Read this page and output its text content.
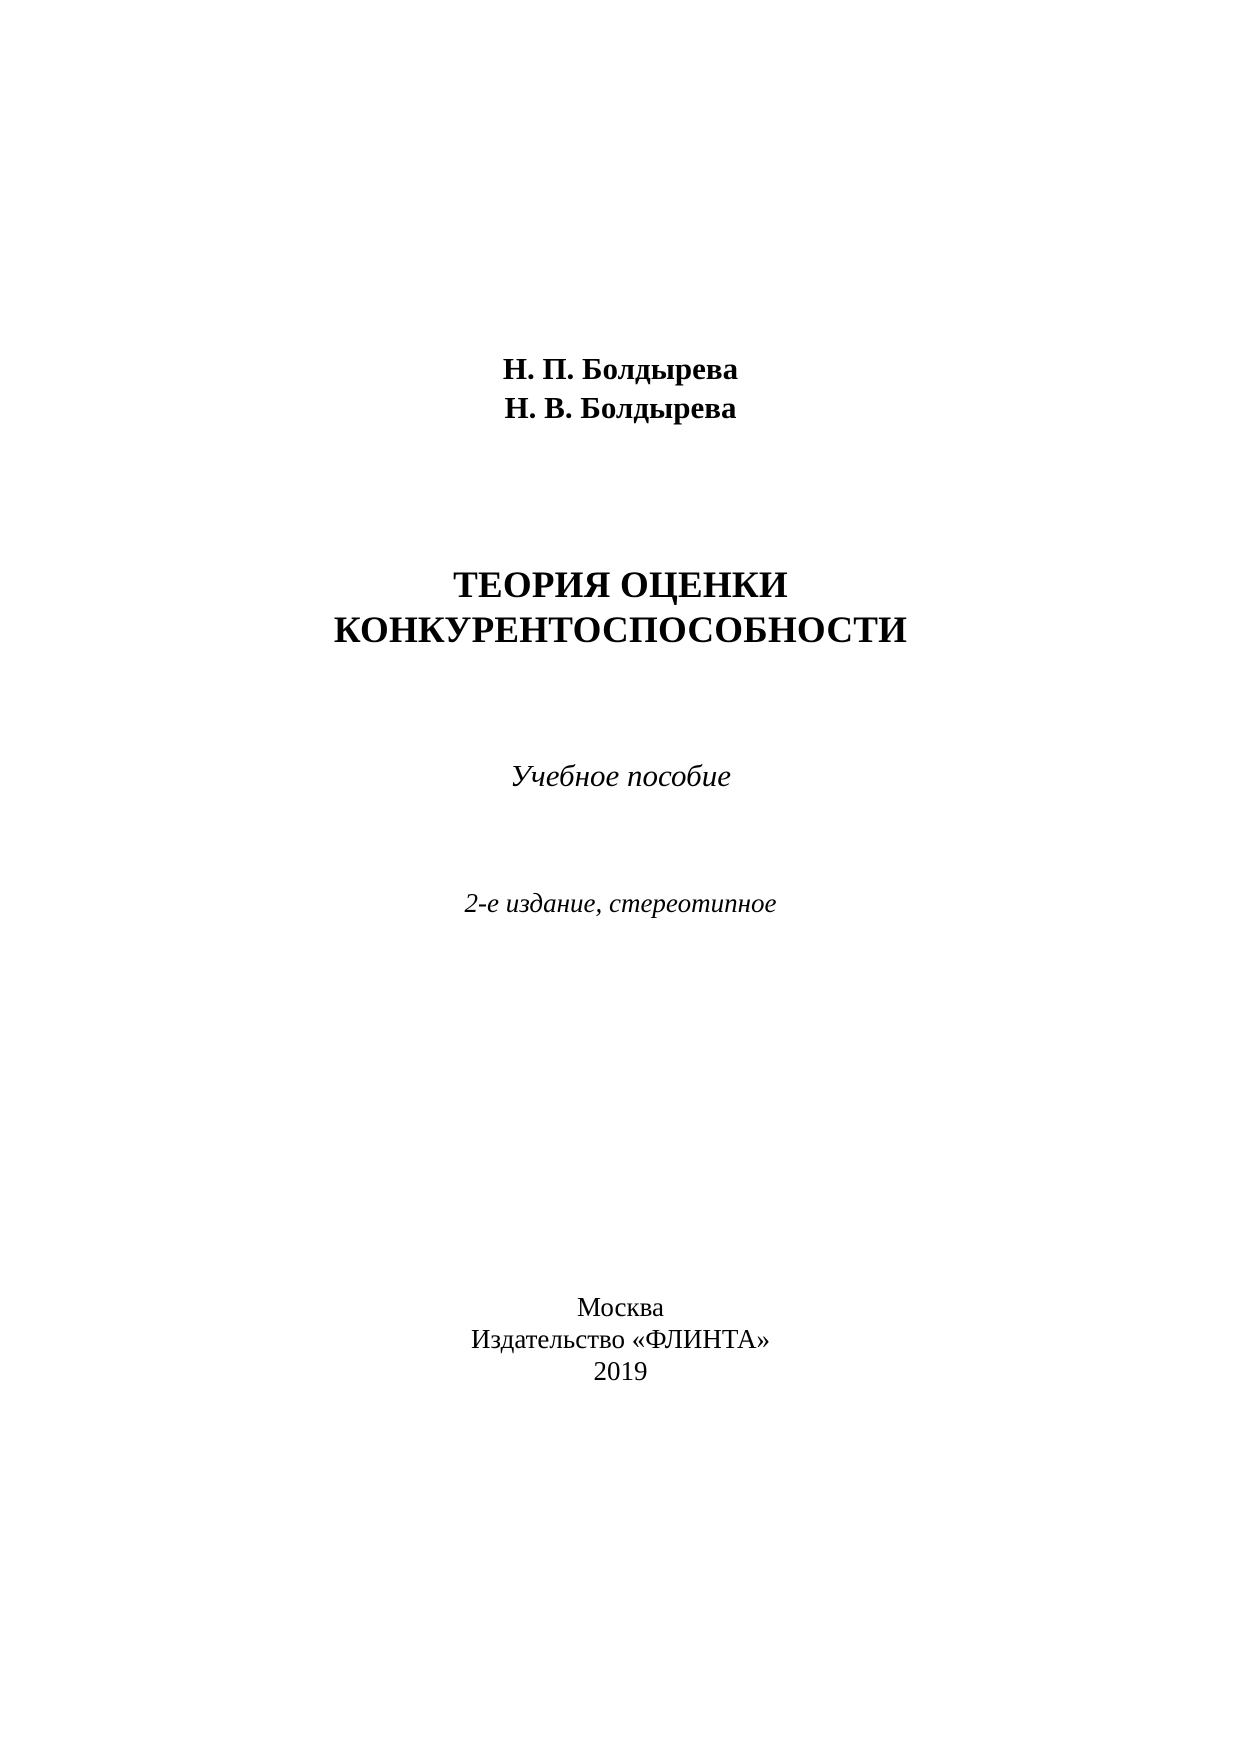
Н. П. Болдырева
Н. В. Болдырева
ТЕОРИЯ ОЦЕНКИ
КОНКУРЕНТОСПОСОБНОСТИ
Учебное пособие
2-е издание, стереотипное
Москва
Издательство «ФЛИНТА»
2019
